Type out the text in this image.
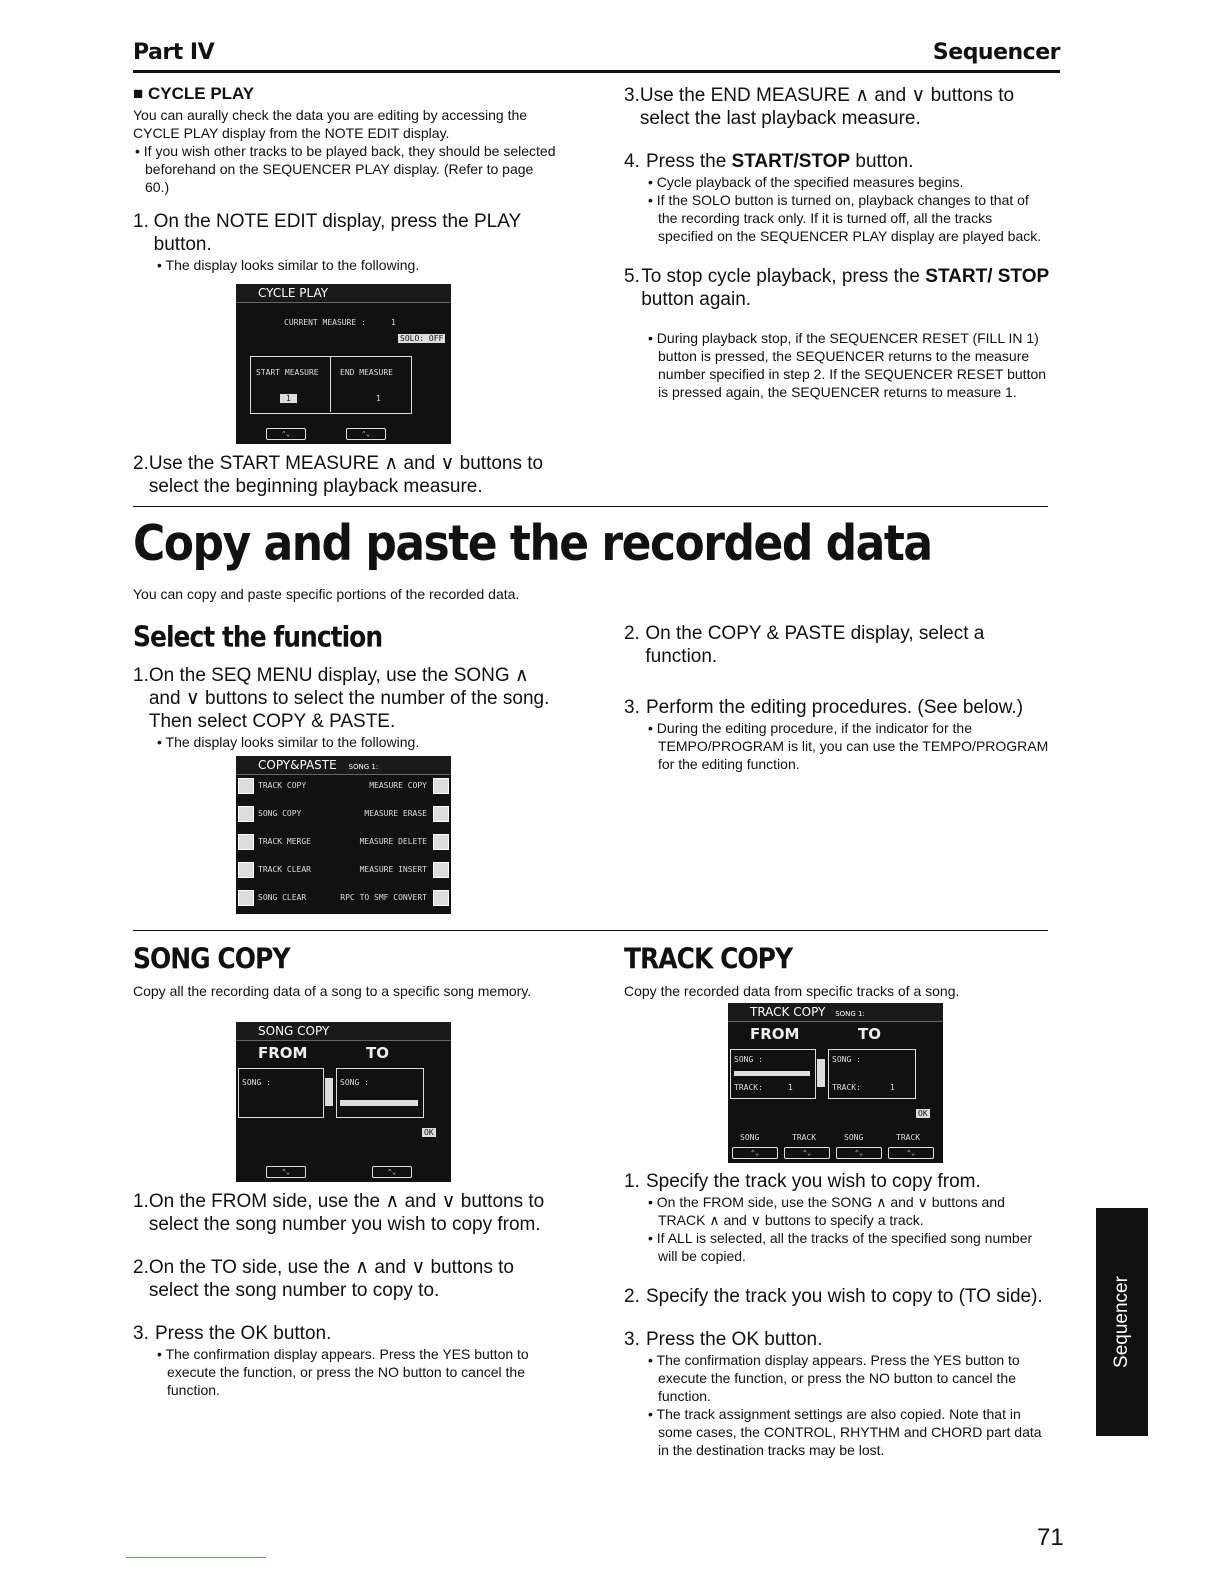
Part IV	Sequencer
■ CYCLE PLAY
You can aurally check the data you are editing by accessing the CYCLE PLAY display from the NOTE EDIT display.
• If you wish other tracks to be played back, they should be selected beforehand on the SEQUENCER PLAY display. (Refer to page 60.)
1. On the NOTE EDIT display, press the PLAY button.
• The display looks similar to the following.
CYCLE PLAY
CURRENT MEASURE :	1
SOLO: OFF
START MEASURE	END MEASURE
1	1
⌃⌄	⌃⌄
2. Use the START MEASURE ∧ and ∨ buttons to select the beginning playback measure.
3. Use the END MEASURE ∧ and ∨ buttons to select the last playback measure.
4. Press the START/STOP button.
• Cycle playback of the specified measures begins.
• If the SOLO button is turned on, playback changes to that of the recording track only. If it is turned off, all the tracks specified on the SEQUENCER PLAY display are played back.
5. To stop cycle playback, press the START/ STOP button again.
• During playback stop, if the SEQUENCER RESET (FILL IN 1) button is pressed, the SEQUENCER returns to the measure number specified in step 2. If the SEQUENCER RESET button is pressed again, the SEQUENCER returns to measure 1.
Copy and paste the recorded data
You can copy and paste specific portions of the recorded data.
Select the function
1. On the SEQ MENU display, use the SONG ∧ and ∨ buttons to select the number of the song. Then select COPY & PASTE.
• The display looks similar to the following.
COPY&PASTE SONG 1:
TRACK COPY
SONG COPY
TRACK MERGE
TRACK CLEAR
SONG CLEAR
MEASURE COPY
MEASURE ERASE
MEASURE DELETE
MEASURE INSERT
RPC TO SMF CONVERT
2. On the COPY & PASTE display, select a function.
3. Perform the editing procedures. (See below.)
• During the editing procedure, if the indicator for the TEMPO/PROGRAM is lit, you can use the TEMPO/PROGRAM for the editing function.
SONG COPY
Copy all the recording data of a song to a specific song memory.
SONG COPY
FROM	TO
SONG :	SONG :
OK
⌃⌄	⌃⌄
1. On the FROM side, use the ∧ and ∨ buttons to select the song number you wish to copy from.
2. On the TO side, use the ∧ and ∨ buttons to select the song number to copy to.
3. Press the OK button.
• The confirmation display appears. Press the YES button to execute the function, or press the NO button to cancel the function.
TRACK COPY
Copy the recorded data from specific tracks of a song.
TRACK COPY SONG 1:
FROM	TO
SONG :	SONG :
TRACK:	1	TRACK:	1
OK
SONG
⌃⌄
TRACK
⌃⌄
SONG
⌃⌄
TRACK
⌃⌄
1. Specify the track you wish to copy from.
• On the FROM side, use the SONG ∧ and ∨ buttons and TRACK ∧ and ∨ buttons to specify a track.
• If ALL is selected, all the tracks of the specified song number will be copied.
2. Specify the track you wish to copy to (TO side).
3. Press the OK button.
• The confirmation display appears. Press the YES button to execute the function, or press the NO button to cancel the function.
• The track assignment settings are also copied. Note that in some cases, the CONTROL, RHYTHM and CHORD part data in the destination tracks may be lost.
Sequencer
71
